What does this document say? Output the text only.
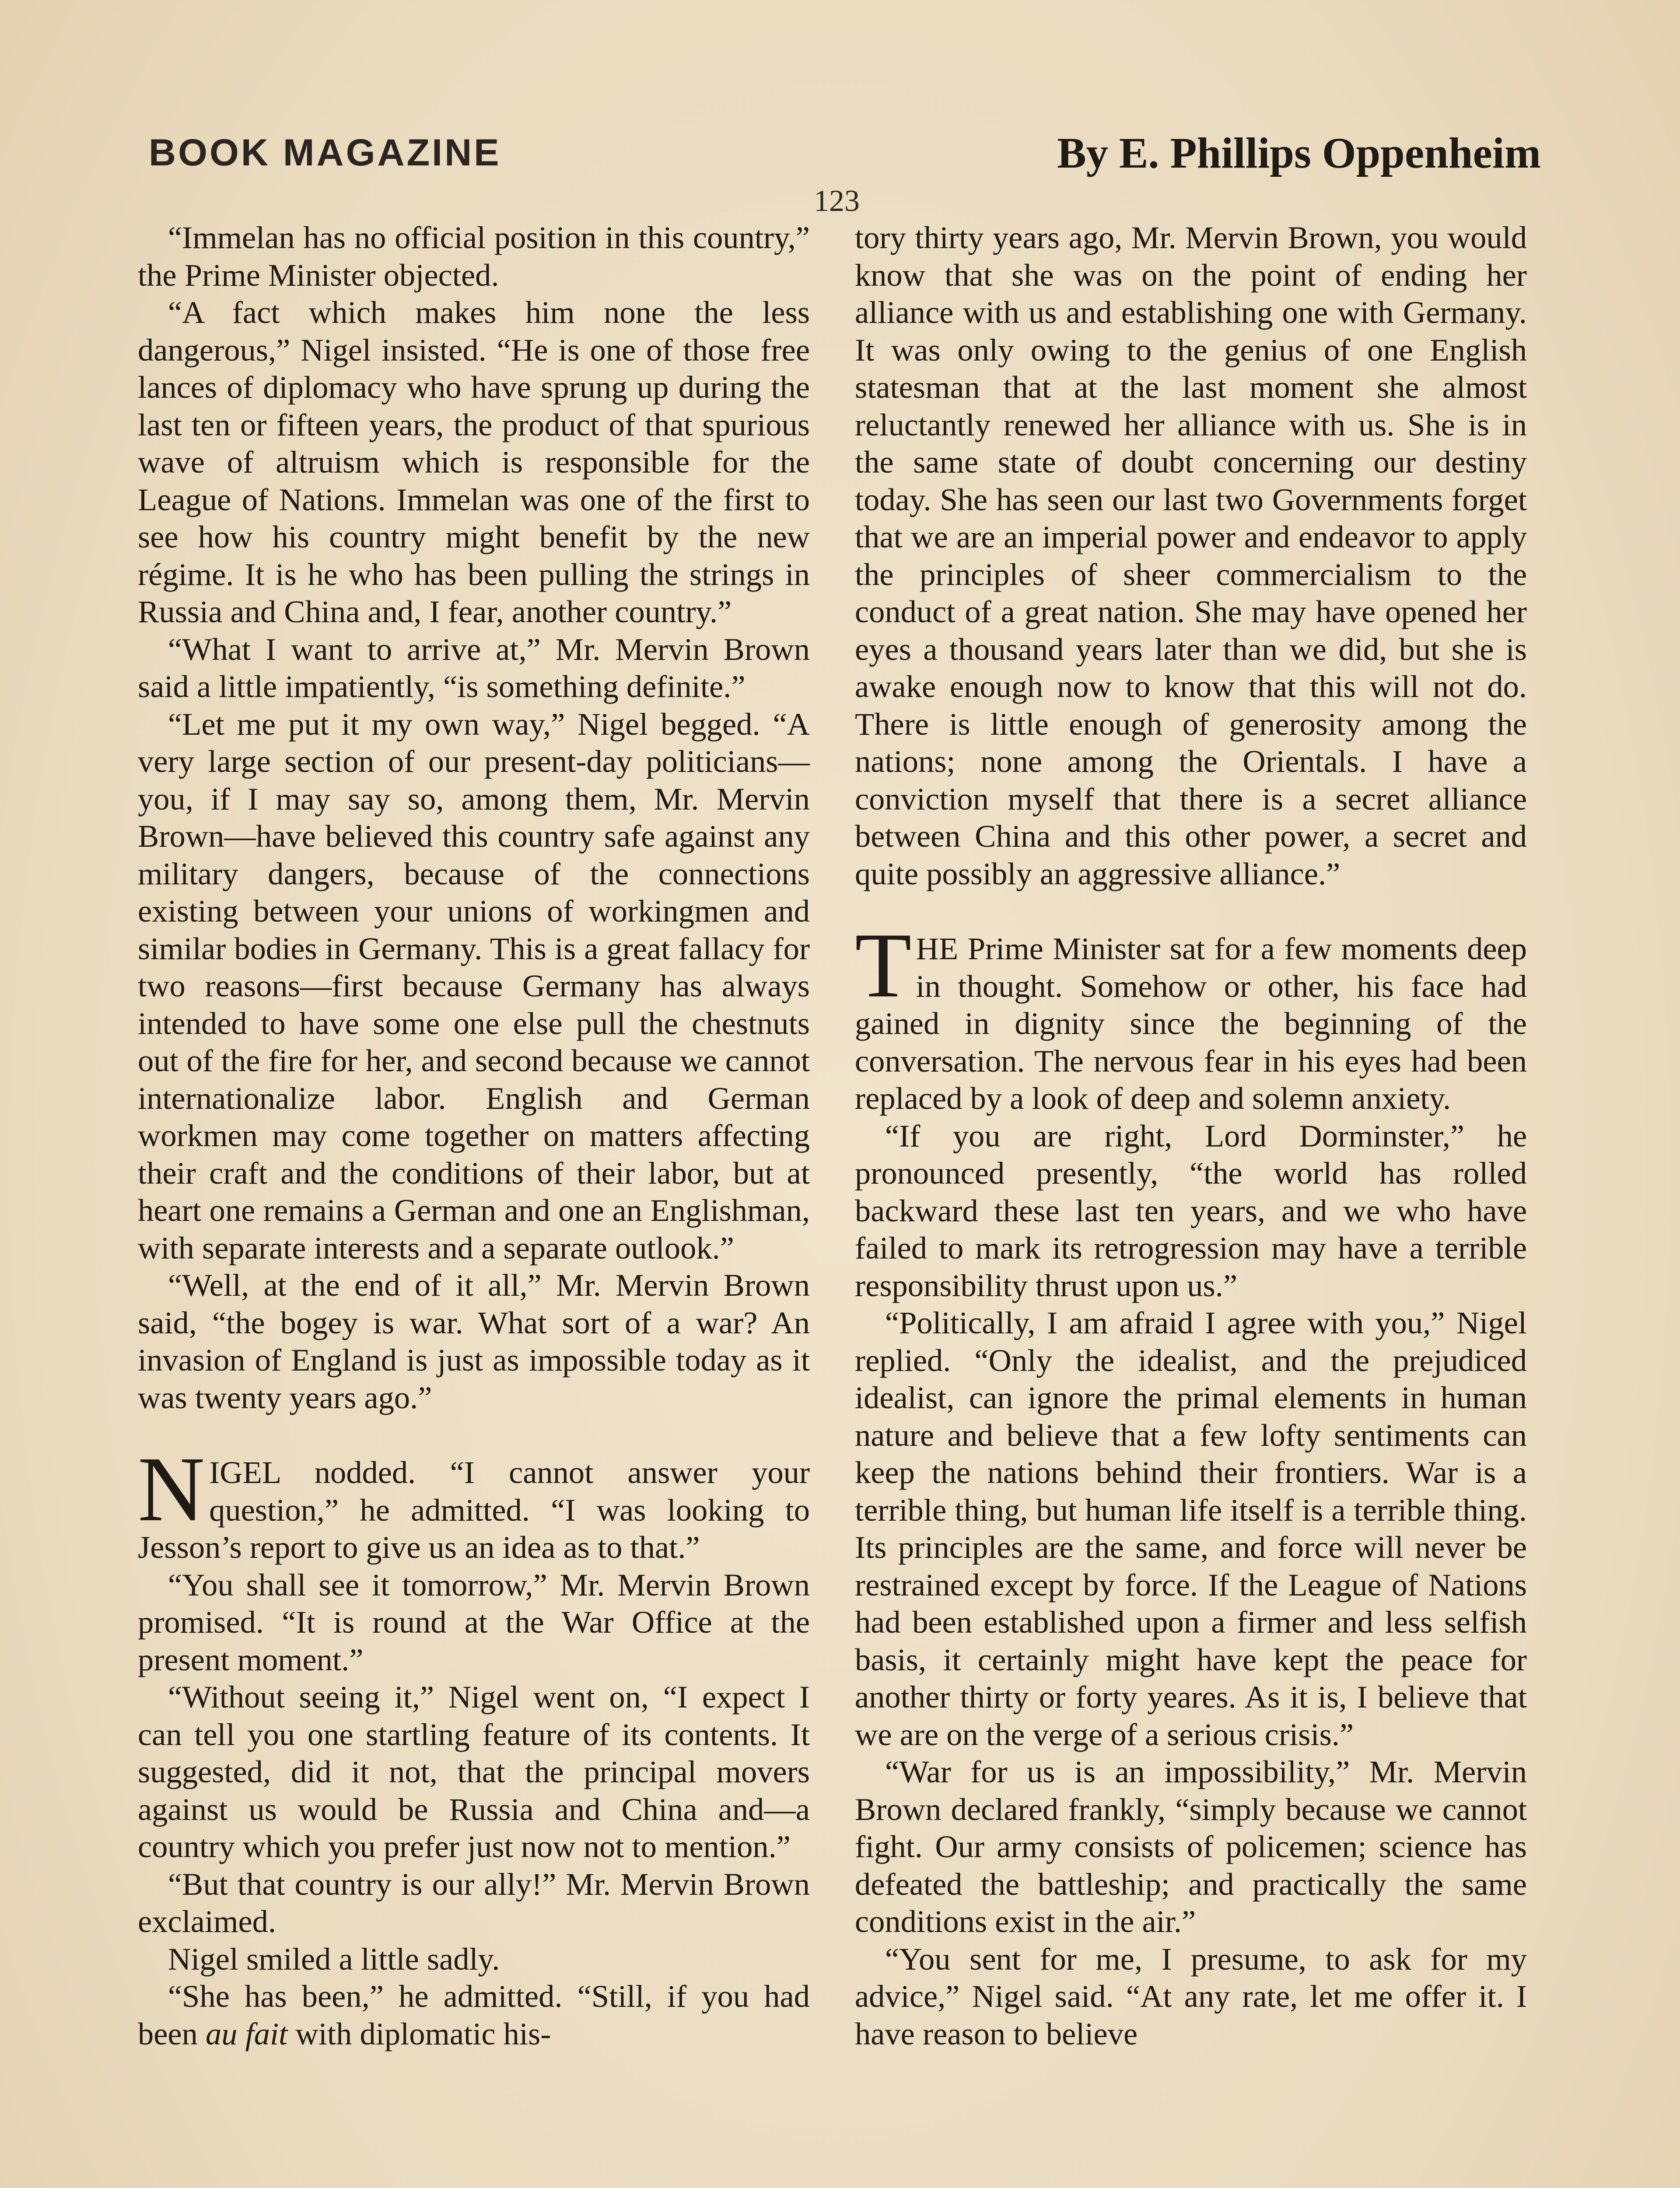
BOOK MAGAZINE	By E. Phillips Oppenheim
123

“Immelan has no official position in this country,” the Prime Minister objected.

“A fact which makes him none the less dangerous,” Nigel insisted. “He is one of those free lances of diplomacy who have sprung up during the last ten or fifteen years, the product of that spurious wave of altruism which is responsible for the League of Nations. Immelan was one of the first to see how his country might benefit by the new régime. It is he who has been pulling the strings in Russia and China and, I fear, another country.”

“What I want to arrive at,” Mr. Mervin Brown said a little impatiently, “is something definite.”

“Let me put it my own way,” Nigel begged. “A very large section of our present-day politicians—you, if I may say so, among them, Mr. Mervin Brown—have believed this country safe against any military dangers, because of the connections existing between your unions of workingmen and similar bodies in Germany. This is a great fallacy for two reasons—first because Germany has always intended to have some one else pull the chestnuts out of the fire for her, and second because we cannot internationalize labor. English and German workmen may come together on matters affecting their craft and the conditions of their labor, but at heart one remains a German and one an Englishman, with separate interests and a separate outlook.”

“Well, at the end of it all,” Mr. Mervin Brown said, “the bogey is war. What sort of a war? An invasion of England is just as impossible today as it was twenty years ago.”

NIGEL nodded. “I cannot answer your question,” he admitted. “I was looking to Jesson’s report to give us an idea as to that.”

“You shall see it tomorrow,” Mr. Mervin Brown promised. “It is round at the War Office at the present moment.”

“Without seeing it,” Nigel went on, “I expect I can tell you one startling feature of its contents. It suggested, did it not, that the principal movers against us would be Russia and China and—a country which you prefer just now not to mention.”

“But that country is our ally!” Mr. Mervin Brown exclaimed.

Nigel smiled a little sadly.

“She has been,” he admitted. “Still, if you had been au fait with diplomatic his-

tory thirty years ago, Mr. Mervin Brown, you would know that she was on the point of ending her alliance with us and establishing one with Germany. It was only owing to the genius of one English statesman that at the last moment she almost reluctantly renewed her alliance with us. She is in the same state of doubt concerning our destiny today. She has seen our last two Governments forget that we are an imperial power and endeavor to apply the principles of sheer commercialism to the conduct of a great nation. She may have opened her eyes a thousand years later than we did, but she is awake enough now to know that this will not do. There is little enough of generosity among the nations; none among the Orientals. I have a conviction myself that there is a secret alliance between China and this other power, a secret and quite possibly an aggressive alliance.”

THE Prime Minister sat for a few moments deep in thought. Somehow or other, his face had gained in dignity since the beginning of the conversation. The nervous fear in his eyes had been replaced by a look of deep and solemn anxiety.

“If you are right, Lord Dorminster,” he pronounced presently, “the world has rolled backward these last ten years, and we who have failed to mark its retrogression may have a terrible responsibility thrust upon us.”

“Politically, I am afraid I agree with you,” Nigel replied. “Only the idealist, and the prejudiced idealist, can ignore the primal elements in human nature and believe that a few lofty sentiments can keep the nations behind their frontiers. War is a terrible thing, but human life itself is a terrible thing. Its principles are the same, and force will never be restrained except by force. If the League of Nations had been established upon a firmer and less selfish basis, it certainly might have kept the peace for another thirty or forty yeares. As it is, I believe that we are on the verge of a serious crisis.”

“War for us is an impossibility,” Mr. Mervin Brown declared frankly, “simply because we cannot fight. Our army consists of policemen; science has defeated the battleship; and practically the same conditions exist in the air.”

“You sent for me, I presume, to ask for my advice,” Nigel said. “At any rate, let me offer it. I have reason to believe
